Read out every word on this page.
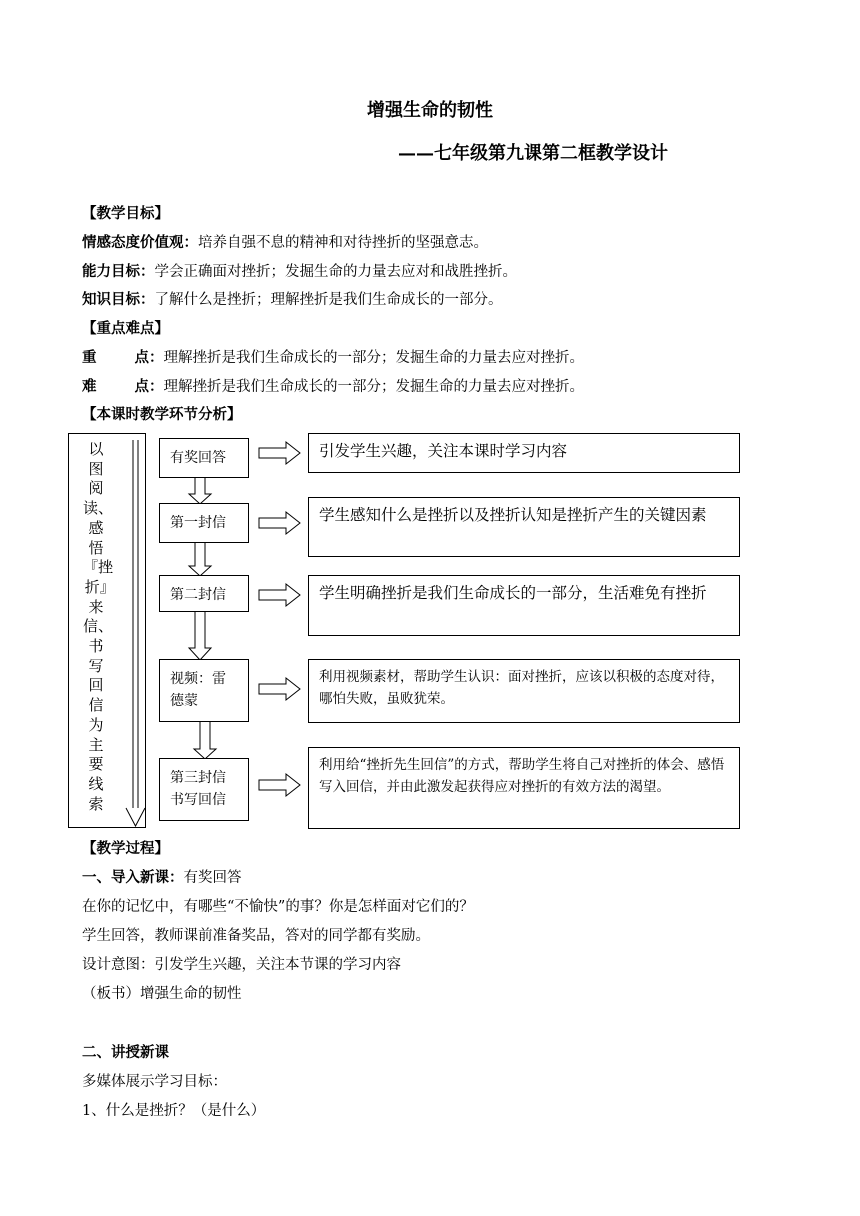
增强生命的韧性
——七年级第九课第二框教学设计
【教学目标】
情感态度价值观：培养自强不息的精神和对待挫折的坚强意志。
能力目标：学会正确面对挫折；发掘生命的力量去应对和战胜挫折。
知识目标：了解什么是挫折；理解挫折是我们生命成长的一部分。
【重点难点】
重	点：理解挫折是我们生命成长的一部分；发掘生命的力量去应对挫折。
难	点：理解挫折是我们生命成长的一部分；发掘生命的力量去应对挫折。
【本课时教学环节分析】
以图阅读、感悟『挫折』来信、书写回信为主要线索
有奖回答
第一封信
第二封信
视频：雷德蒙
第三封信书写回信
引发学生兴趣，关注本课时学习内容
学生感知什么是挫折以及挫折认知是挫折产生的关键因素
学生明确挫折是我们生命成长的一部分，生活难免有挫折
利用视频素材，帮助学生认识：面对挫折，应该以积极的态度对待，哪怕失败，虽败犹荣。
利用给“挫折先生回信”的方式，帮助学生将自己对挫折的体会、感悟写入回信，并由此激发起获得应对挫折的有效方法的渴望。
【教学过程】
一、导入新课：有奖回答
在你的记忆中，有哪些“不愉快”的事？你是怎样面对它们的？
学生回答，教师课前准备奖品，答对的同学都有奖励。
设计意图：引发学生兴趣，关注本节课的学习内容
（板书）增强生命的韧性
二、讲授新课
多媒体展示学习目标：
1、什么是挫折？（是什么）
